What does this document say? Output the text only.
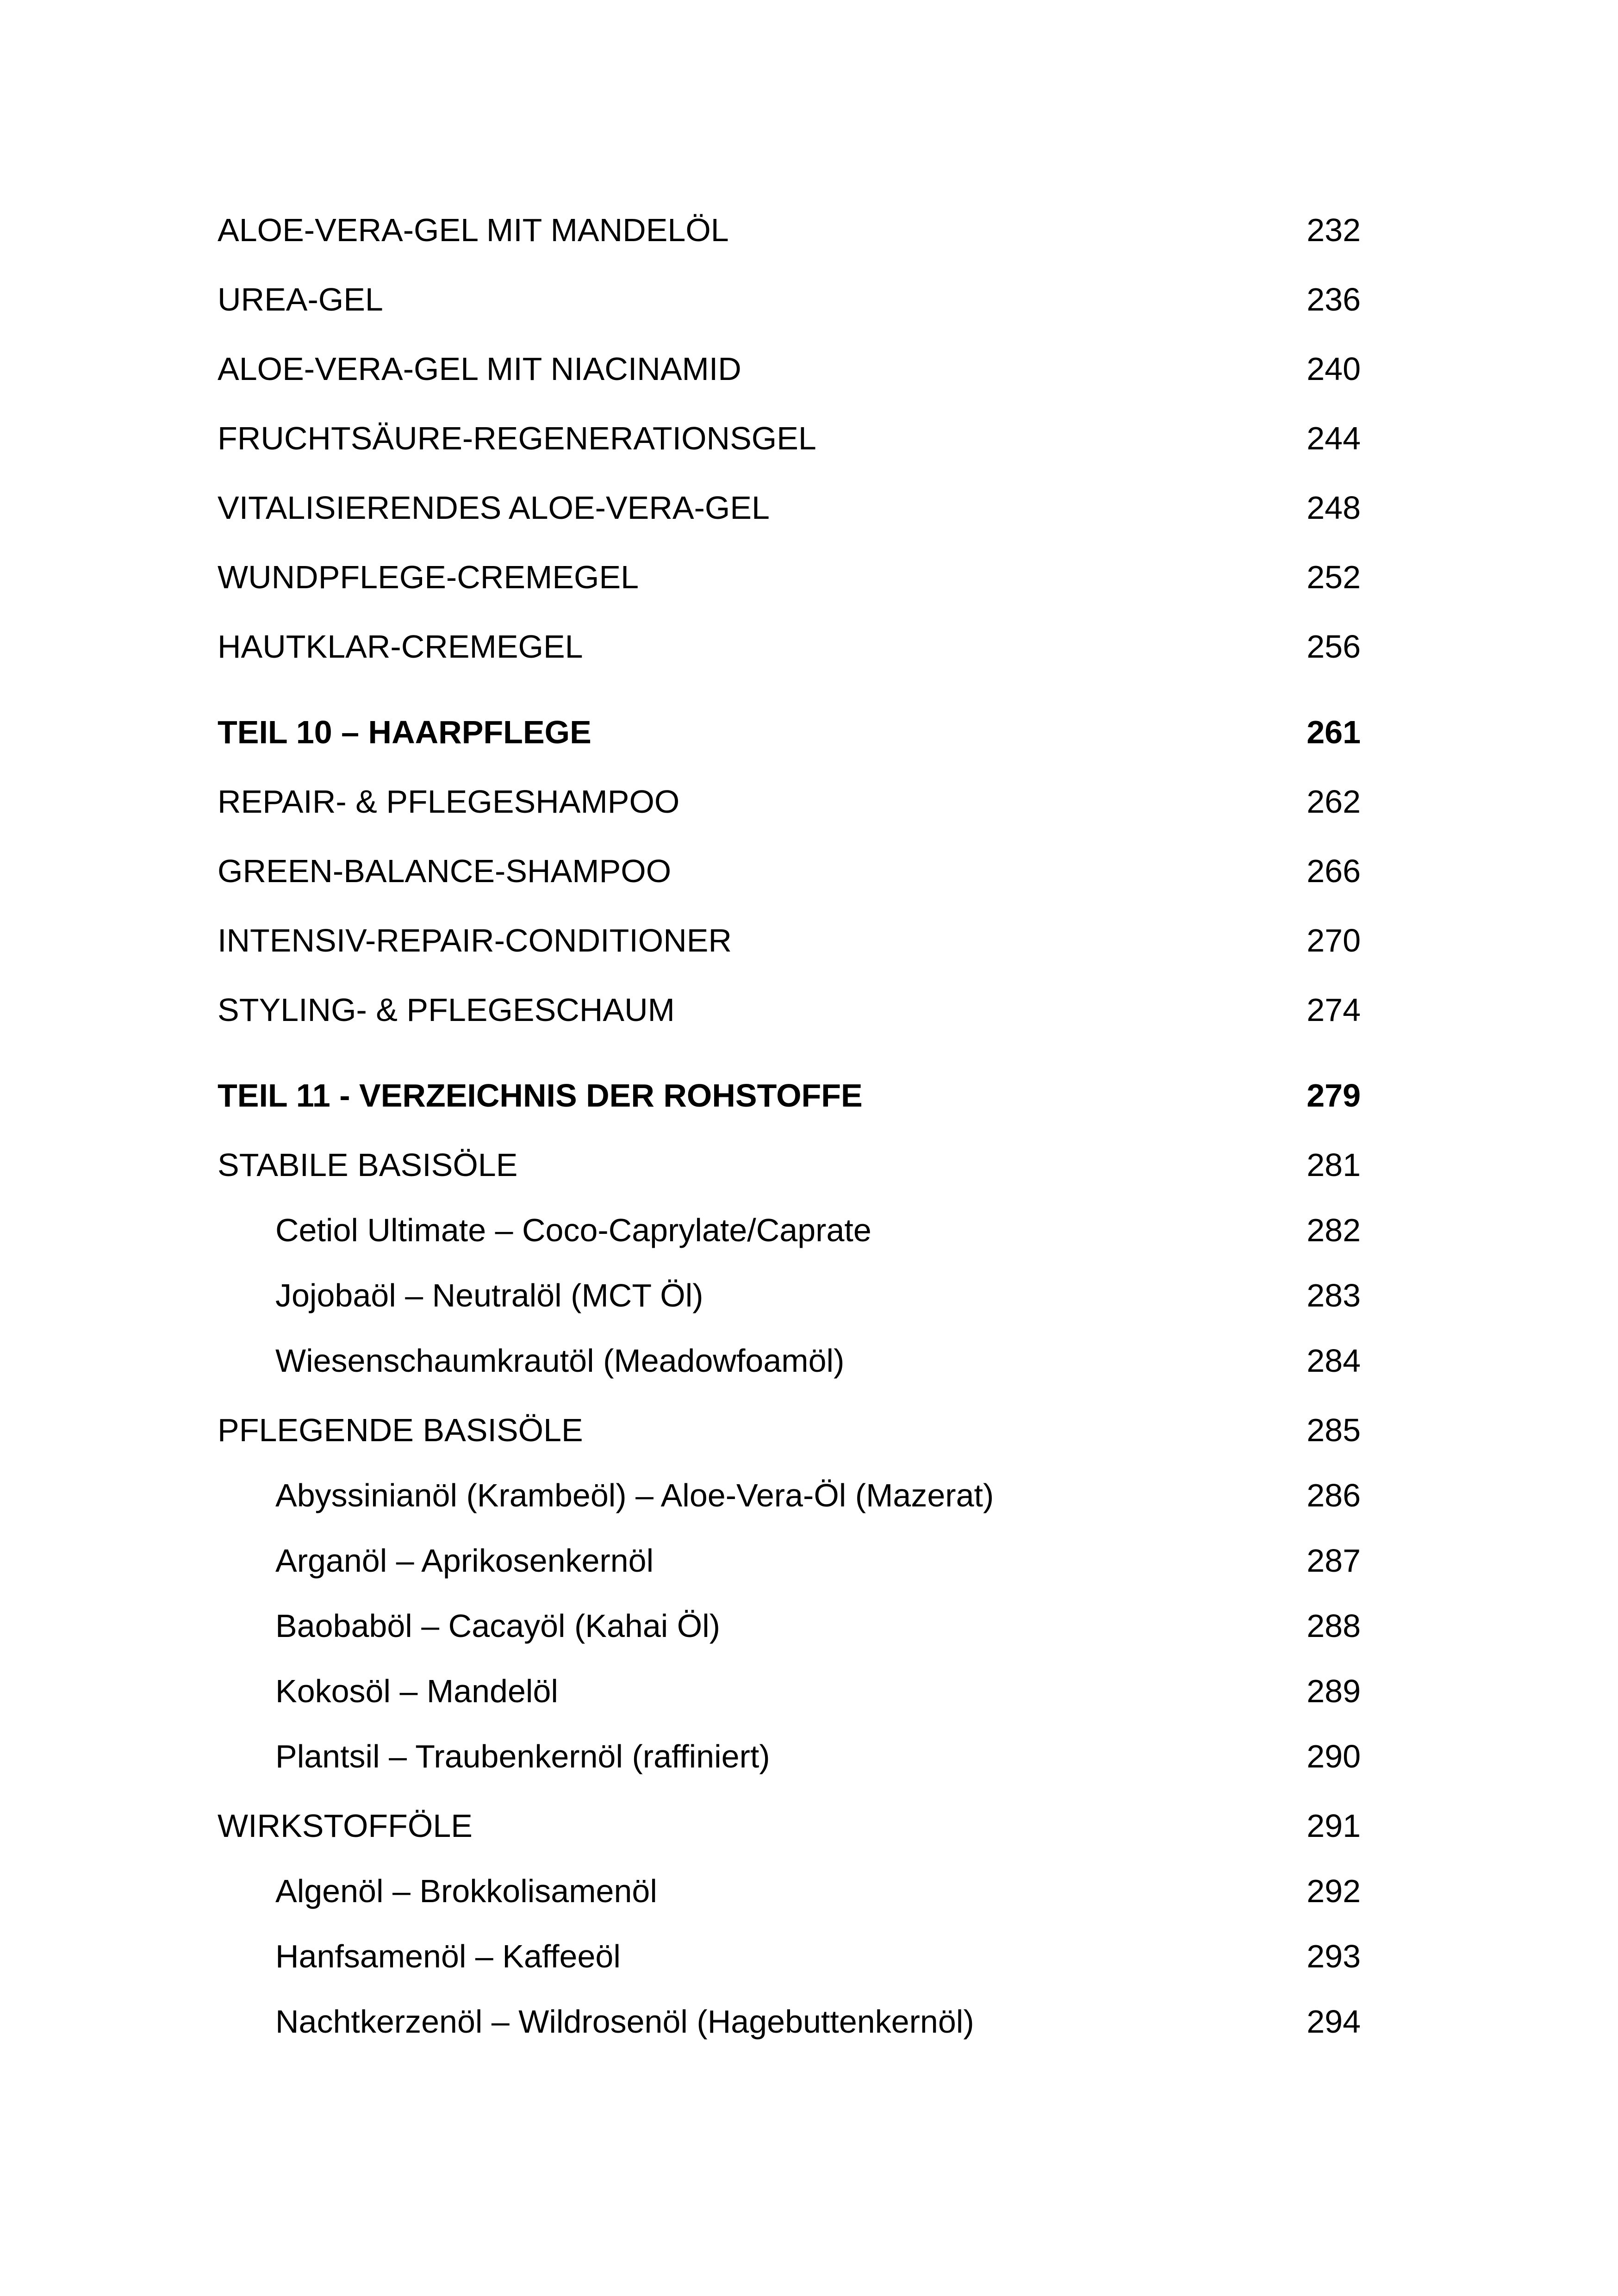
ALOE-VERA-GEL MIT MANDELÖL	232
UREA-GEL	236
ALOE-VERA-GEL MIT NIACINAMID	240
FRUCHTSÄURE-REGENERATIONSGEL	244
VITALISIERENDES ALOE-VERA-GEL	248
WUNDPFLEGE-CREMEGEL	252
HAUTKLAR-CREMEGEL	256
TEIL 10 – HAARPFLEGE	261
REPAIR- & PFLEGESHAMPOO	262
GREEN-BALANCE-SHAMPOO	266
INTENSIV-REPAIR-CONDITIONER	270
STYLING- & PFLEGESCHAUM	274
TEIL 11 - VERZEICHNIS DER ROHSTOFFE	279
STABILE BASISÖLE	281
Cetiol Ultimate – Coco-Caprylate/Caprate	282
Jojobaöl – Neutralöl (MCT Öl)	283
Wiesenschaumkrautöl (Meadowfoamöl)	284
PFLEGENDE BASISÖLE	285
Abyssinianöl (Krambeöl) – Aloe-Vera-Öl (Mazerat)	286
Arganöl – Aprikosenkernöl	287
Baobaböl – Cacayöl (Kahai Öl)	288
Kokosöl – Mandelöl	289
Plantsil – Traubenkernöl (raffiniert)	290
WIRKSTOFFÖLE	291
Algenöl – Brokkolisamenöl	292
Hanfsamenöl – Kaffeeöl	293
Nachtkerzenöl – Wildrosenöl (Hagebuttenkernöl)	294
